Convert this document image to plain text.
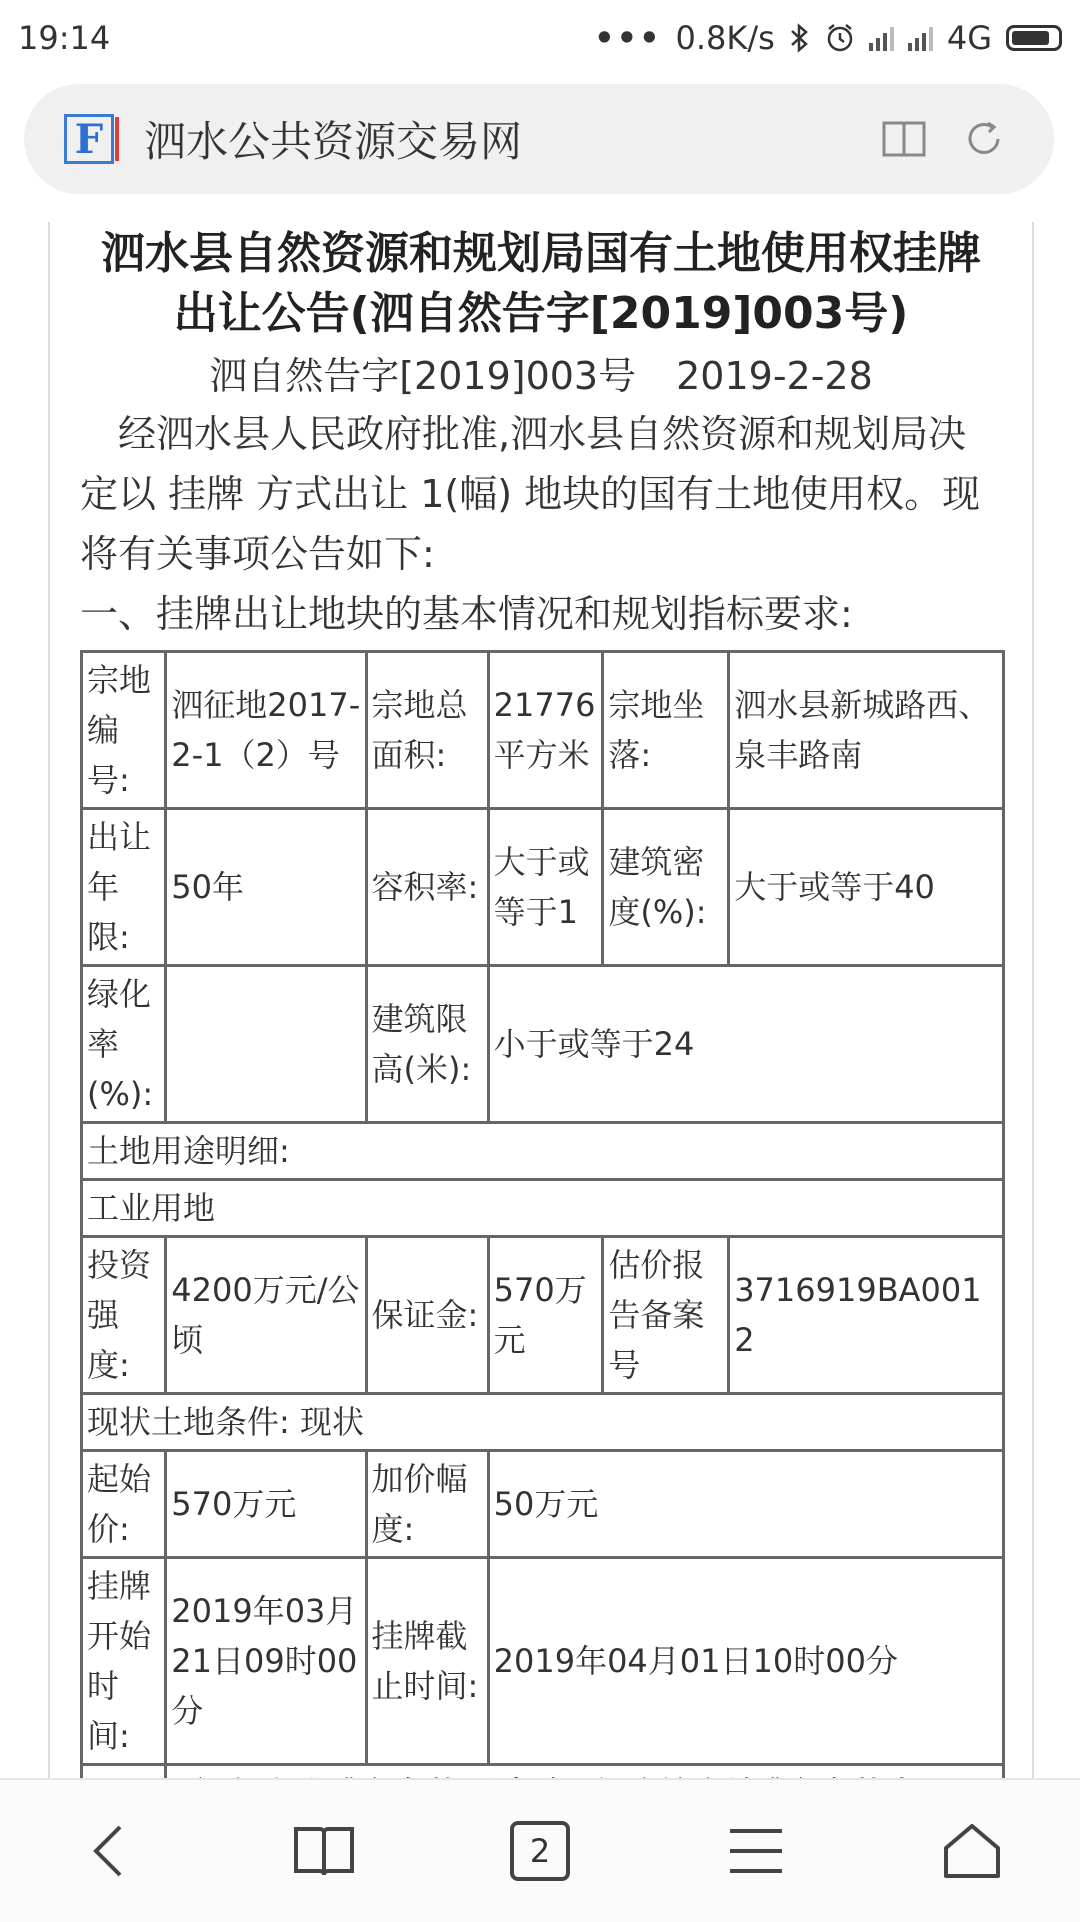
19:14	••• 0.8K/s	4G
F 泗水公共资源交易网
泗水县自然资源和规划局国有土地使用权挂牌出让公告(泗自然告字[2019]003号)
泗自然告字[2019]003号 2019-2-28

经泗水县人民政府批准,泗水县自然资源和规划局决定以 挂牌 方式出让 1(幅) 地块的国有土地使用权。现将有关事项公告如下:

一、挂牌出让地块的基本情况和规划指标要求:

宗地编号:	泗征地2017-2-1（2）号	宗地总面积:	21776平方米	宗地坐落:	泗水县新城路西、泉丰路南
出让年限:	50年	容积率:	大于或等于1	建筑密度(%):	大于或等于40
绿化率(%):		建筑限高(米):	小于或等于24		
土地用途明细:					
工业用地					
投资强度:	4200万元/公顷	保证金:	570万元	估价报告备案号	3716919BA0012
现状土地条件: 现状					
起始价:	570万元	加价幅度:	50万元		
挂牌开始时间:	2019年03月21日09时00分	挂牌截止时间:	2019年04月01日10时00分		

2
